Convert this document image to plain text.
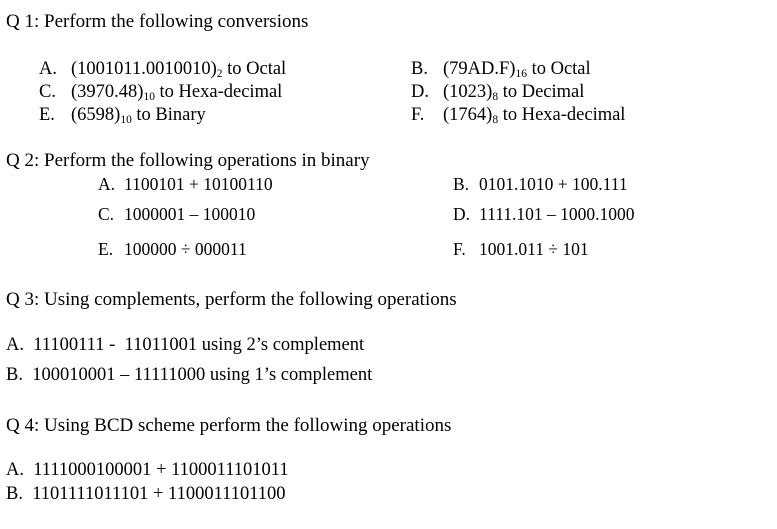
Q 1: Perform the following conversions
A. $(1001011.0010010)_2$ to Octal
C. $(3970.48)_{10}$ to Hexa-decimal
E. $(6598)_{10}$ to Binary
B. $(79AD.F)_{16}$ to Octal
D. $(1023)_8$ to Decimal
F. $(1764)_8$ to Hexa-decimal
Q 2: Perform the following operations in binary
A. 1100101 + 10100110
C. 1000001 – 100010
E. 100000 ÷ 000011
B. 0101.1010 + 100.111
D. 1111.101 – 1000.1000
F. 1001.011 ÷ 101
Q 3: Using complements, perform the following operations
A.  11100111 -  11011001 using 2’s complement
B.  100010001 – 11111000 using 1’s complement
Q 4: Using BCD scheme perform the following operations
A.  1111000100001 + 1100011101011
B.  1101111011101 + 1100011101100
